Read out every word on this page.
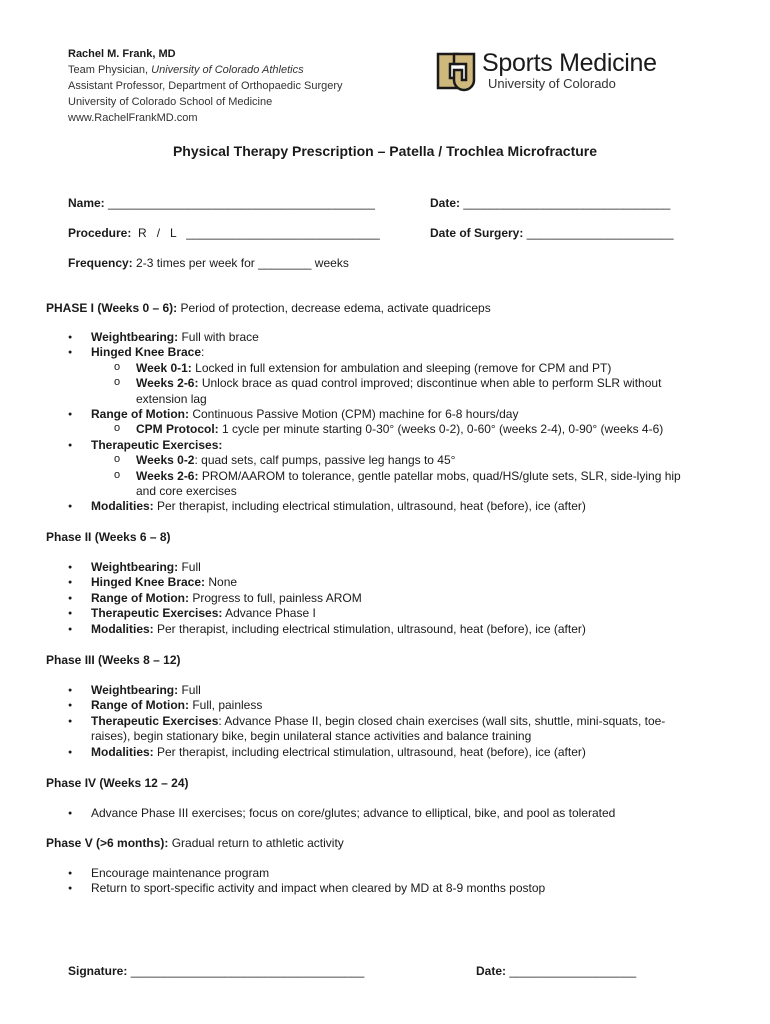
Rachel M. Frank, MD
Team Physician, University of Colorado Athletics
Assistant Professor, Department of Orthopaedic Surgery
University of Colorado School of Medicine
www.RachelFrankMD.com
Sports Medicine
University of Colorado
Physical Therapy Prescription – Patella / Trochlea Microfracture
Name: ________________________________________	Date: _______________________________
Procedure: R   /   L   _____________________________	Date of Surgery: ______________________
Frequency: 2-3 times per week for ________ weeks
PHASE I (Weeks 0 – 6): Period of protection, decrease edema, activate quadriceps
● Weightbearing: Full with brace
● Hinged Knee Brace:
o Week 0-1: Locked in full extension for ambulation and sleeping (remove for CPM and PT)
o Weeks 2-6: Unlock brace as quad control improved; discontinue when able to perform SLR without extension lag
● Range of Motion: Continuous Passive Motion (CPM) machine for 6-8 hours/day
o CPM Protocol: 1 cycle per minute starting 0-30° (weeks 0-2), 0-60° (weeks 2-4), 0-90° (weeks 4-6)
● Therapeutic Exercises:
o Weeks 0-2: quad sets, calf pumps, passive leg hangs to 45°
o Weeks 2-6: PROM/AAROM to tolerance, gentle patellar mobs, quad/HS/glute sets, SLR, side-lying hip and core exercises
● Modalities: Per therapist, including electrical stimulation, ultrasound, heat (before), ice (after)
Phase II (Weeks 6 – 8)
● Weightbearing: Full
● Hinged Knee Brace: None
● Range of Motion: Progress to full, painless AROM
● Therapeutic Exercises: Advance Phase I
● Modalities: Per therapist, including electrical stimulation, ultrasound, heat (before), ice (after)
Phase III (Weeks 8 – 12)
● Weightbearing: Full
● Range of Motion: Full, painless
● Therapeutic Exercises: Advance Phase II, begin closed chain exercises (wall sits, shuttle, mini-squats, toe-raises), begin stationary bike, begin unilateral stance activities and balance training
● Modalities: Per therapist, including electrical stimulation, ultrasound, heat (before), ice (after)
Phase IV (Weeks 12 – 24)
● Advance Phase III exercises; focus on core/glutes; advance to elliptical, bike, and pool as tolerated
Phase V (>6 months): Gradual return to athletic activity
● Encourage maintenance program
● Return to sport-specific activity and impact when cleared by MD at 8-9 months postop
Signature: ___________________________________	Date: ___________________
